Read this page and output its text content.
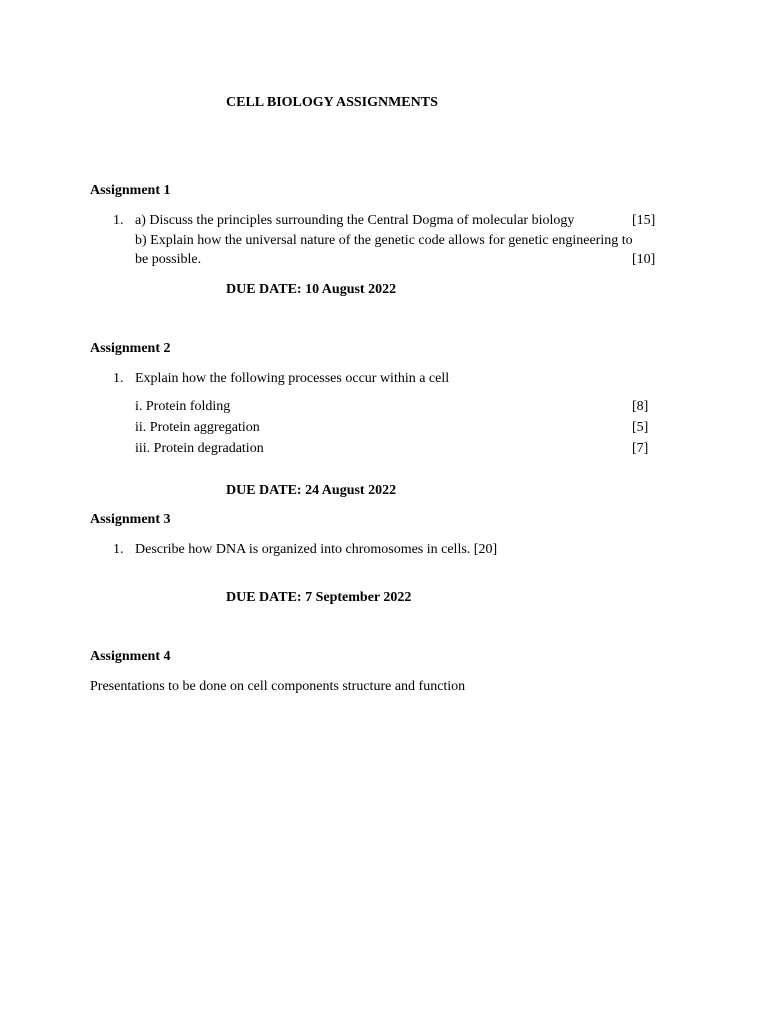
CELL BIOLOGY ASSIGNMENTS
Assignment 1
1. a) Discuss the principles surrounding the Central Dogma of molecular biology	[15]
b) Explain how the universal nature of the genetic code allows for genetic engineering to
be possible.	[10]
DUE DATE: 10 August 2022
Assignment 2
1. Explain how the following processes occur within a cell
i. Protein folding	[8]
ii. Protein aggregation	[5]
iii. Protein degradation	[7]
DUE DATE: 24 August 2022
Assignment 3
1. Describe how DNA is organized into chromosomes in cells. [20]
DUE DATE: 7 September 2022
Assignment 4
Presentations to be done on cell components structure and function
